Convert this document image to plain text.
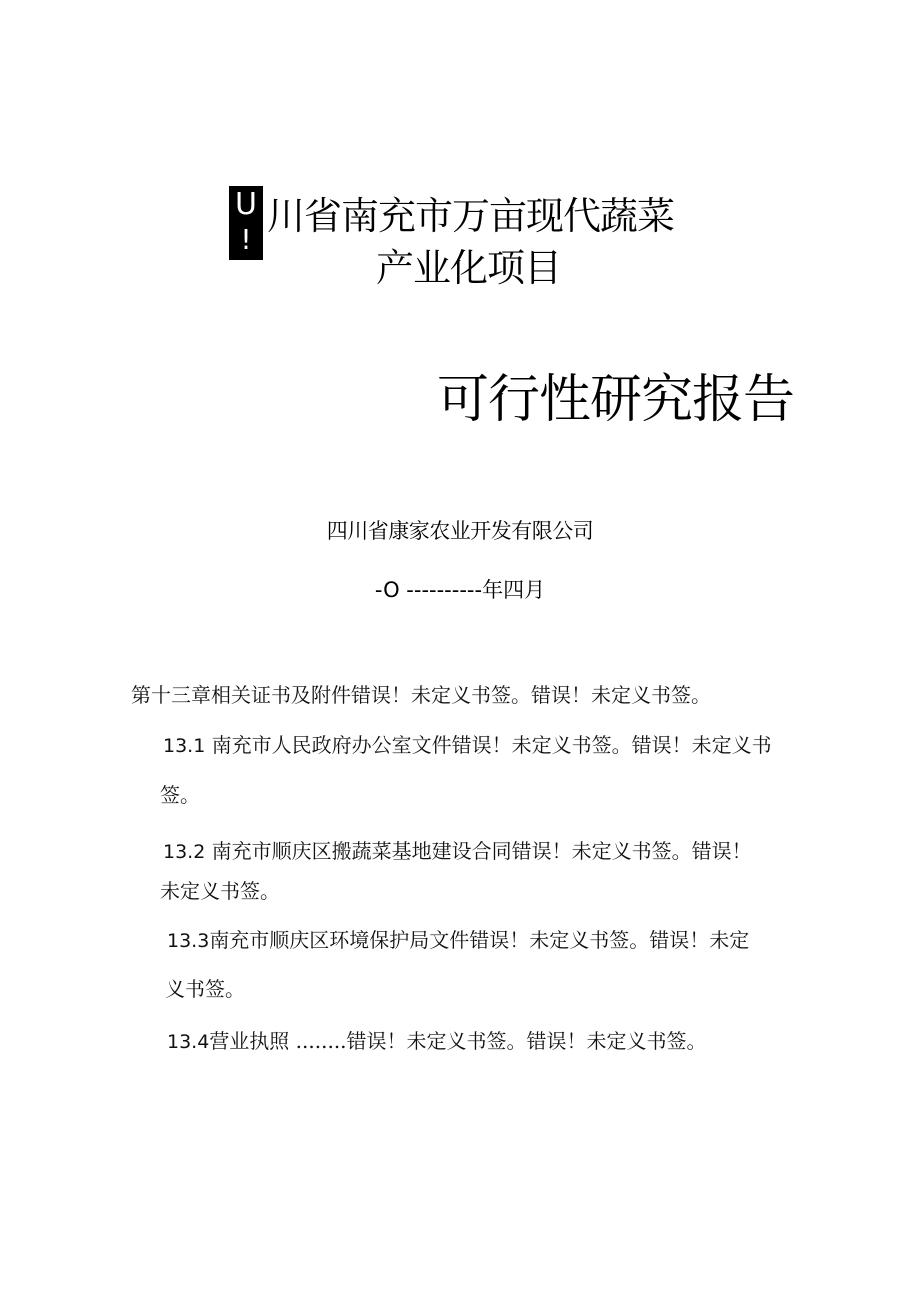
U
!
川省南充市万亩现代蔬菜
产业化项目
可行性研究报告
四川省康家农业开发有限公司
-O ----------年四月
第十三章相关证书及附件错误！未定义书签。错误！未定义书签。
13.1 南充市人民政府办公室文件错误！未定义书签。错误！未定义书
签。
13.2 南充市顺庆区搬蔬菜基地建设合同错误！未定义书签。错误！
未定义书签。
13.3南充市顺庆区环境保护局文件错误！未定义书签。错误！未定
义书签。
13.4营业执照 ........错误！未定义书签。错误！未定义书签。
